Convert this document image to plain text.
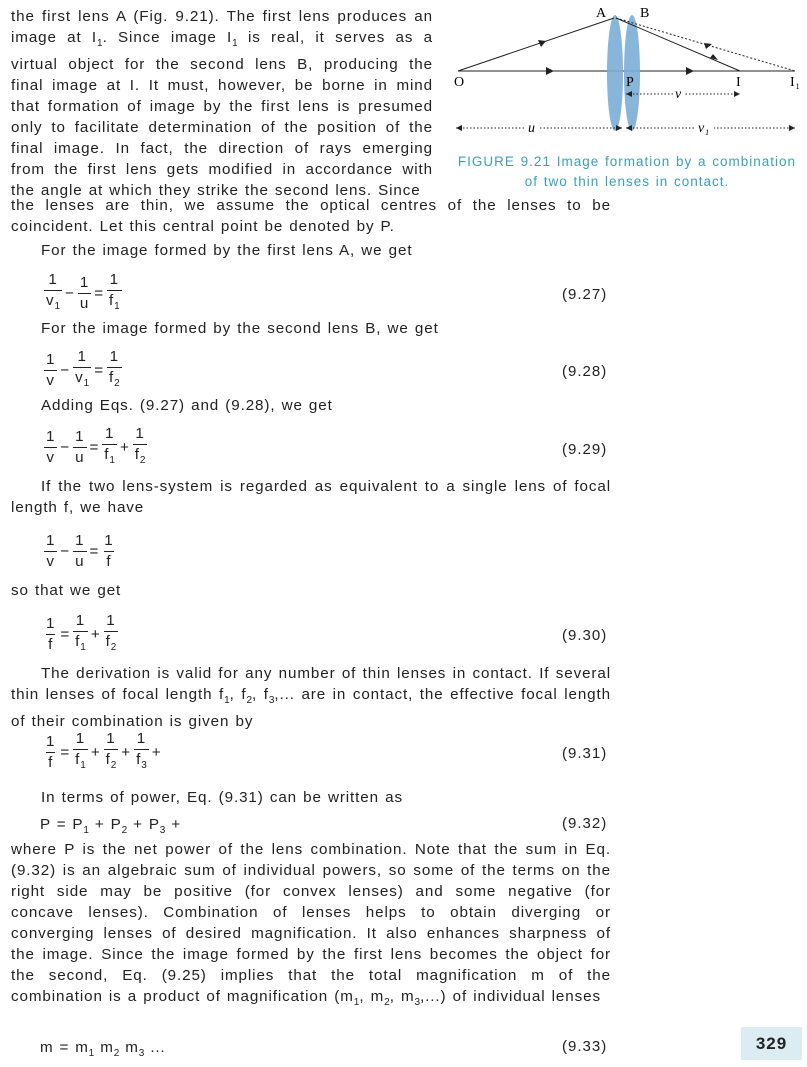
the first lens A (Fig. 9.21). The first lens produces an image at $I_1$. Since image $I_1$ is real, it serves as a virtual object for the second lens B, producing the final image at I. It must, however, be borne in mind that formation of image by the first lens is presumed only to facilitate determination of the position of the final image. In fact, the direction of rays emerging from the first lens gets modified in accordance with the angle at which they strike the second lens. Since

A B
O	P	I	$I_1$
v
u	$v_1$
FIGURE 9.21 Image formation by a combination of two thin lenses in contact.

the lenses are thin, we assume the optical centres of the lenses to be coincident. Let this central point be denoted by P.

For the image formed by the first lens A, we get

$\frac{1}{v_1} - \frac{1}{u} = \frac{1}{f_1}$	(9.27)

For the image formed by the second lens B, we get

$\frac{1}{v} - \frac{1}{v_1} = \frac{1}{f_2}$	(9.28)

Adding Eqs. (9.27) and (9.28), we get

$\frac{1}{v} - \frac{1}{u} = \frac{1}{f_1} + \frac{1}{f_2}$	(9.29)

If the two lens-system is regarded as equivalent to a single lens of focal length f, we have

$\frac{1}{v} - \frac{1}{u} = \frac{1}{f}$

so that we get

$\frac{1}{f} = \frac{1}{f_1} + \frac{1}{f_2}$	(9.30)

The derivation is valid for any number of thin lenses in contact. If several thin lenses of focal length $f_1$, $f_2$, $f_3$,... are in contact, the effective focal length of their combination is given by

$\frac{1}{f} = \frac{1}{f_1} + \frac{1}{f_2} + \frac{1}{f_3}$ +	(9.31)

In terms of power, Eq. (9.31) can be written as

$P = P_1 + P_2 + P_3$ +	(9.32)

where P is the net power of the lens combination. Note that the sum in Eq. (9.32) is an algebraic sum of individual powers, so some of the terms on the right side may be positive (for convex lenses) and some negative (for concave lenses). Combination of lenses helps to obtain diverging or converging lenses of desired magnification. It also enhances sharpness of the image. Since the image formed by the first lens becomes the object for the second, Eq. (9.25) implies that the total magnification m of the combination is a product of magnification ($m_1$, $m_2$, $m_3$,...) of individual lenses

$m = m_1$ $m_2$ $m_3$ ...	(9.33)	329
